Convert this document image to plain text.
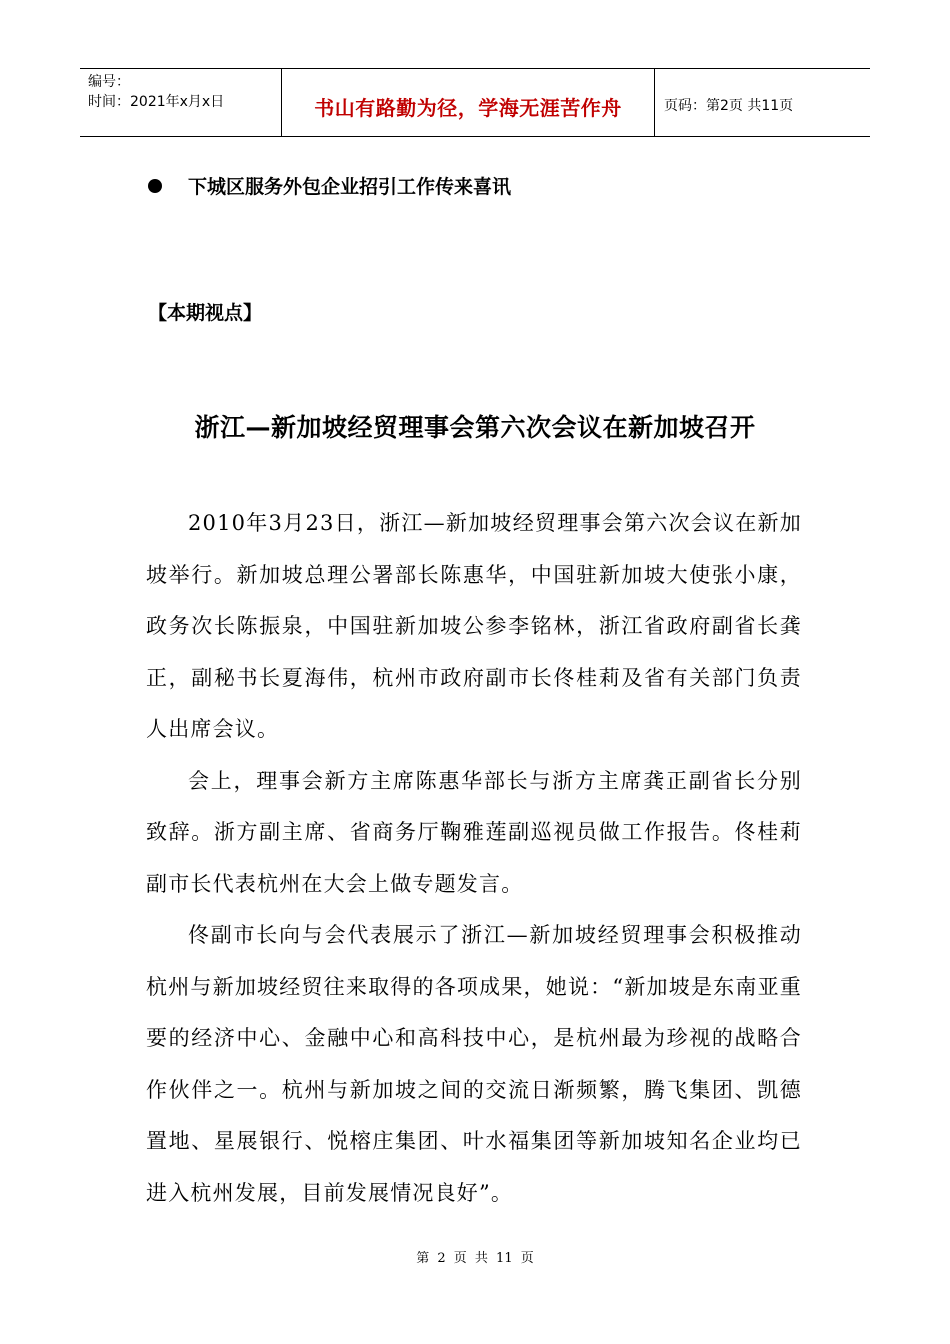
编号：
时间：2021年x月x日	书山有路勤为径，学海无涯苦作舟	页码：第2页 共11页
下城区服务外包企业招引工作传来喜讯
【本期视点】
浙江—新加坡经贸理事会第六次会议在新加坡召开

2010年3月23日，浙江—新加坡经贸理事会第六次会议在新加坡举行。新加坡总理公署部长陈惠华，中国驻新加坡大使张小康，政务次长陈振泉，中国驻新加坡公参李铭林，浙江省政府副省长龚正，副秘书长夏海伟，杭州市政府副市长佟桂莉及省有关部门负责人出席会议。

会上，理事会新方主席陈惠华部长与浙方主席龚正副省长分别致辞。浙方副主席、省商务厅鞠雅莲副巡视员做工作报告。佟桂莉副市长代表杭州在大会上做专题发言。

佟副市长向与会代表展示了浙江—新加坡经贸理事会积极推动杭州与新加坡经贸往来取得的各项成果，她说：“新加坡是东南亚重要的经济中心、金融中心和高科技中心，是杭州最为珍视的战略合作伙伴之一。杭州与新加坡之间的交流日渐频繁，腾飞集团、凯德置地、星展银行、悦榕庄集团、叶水福集团等新加坡知名企业均已进入杭州发展，目前发展情况良好”。

第 2 页 共 11 页
